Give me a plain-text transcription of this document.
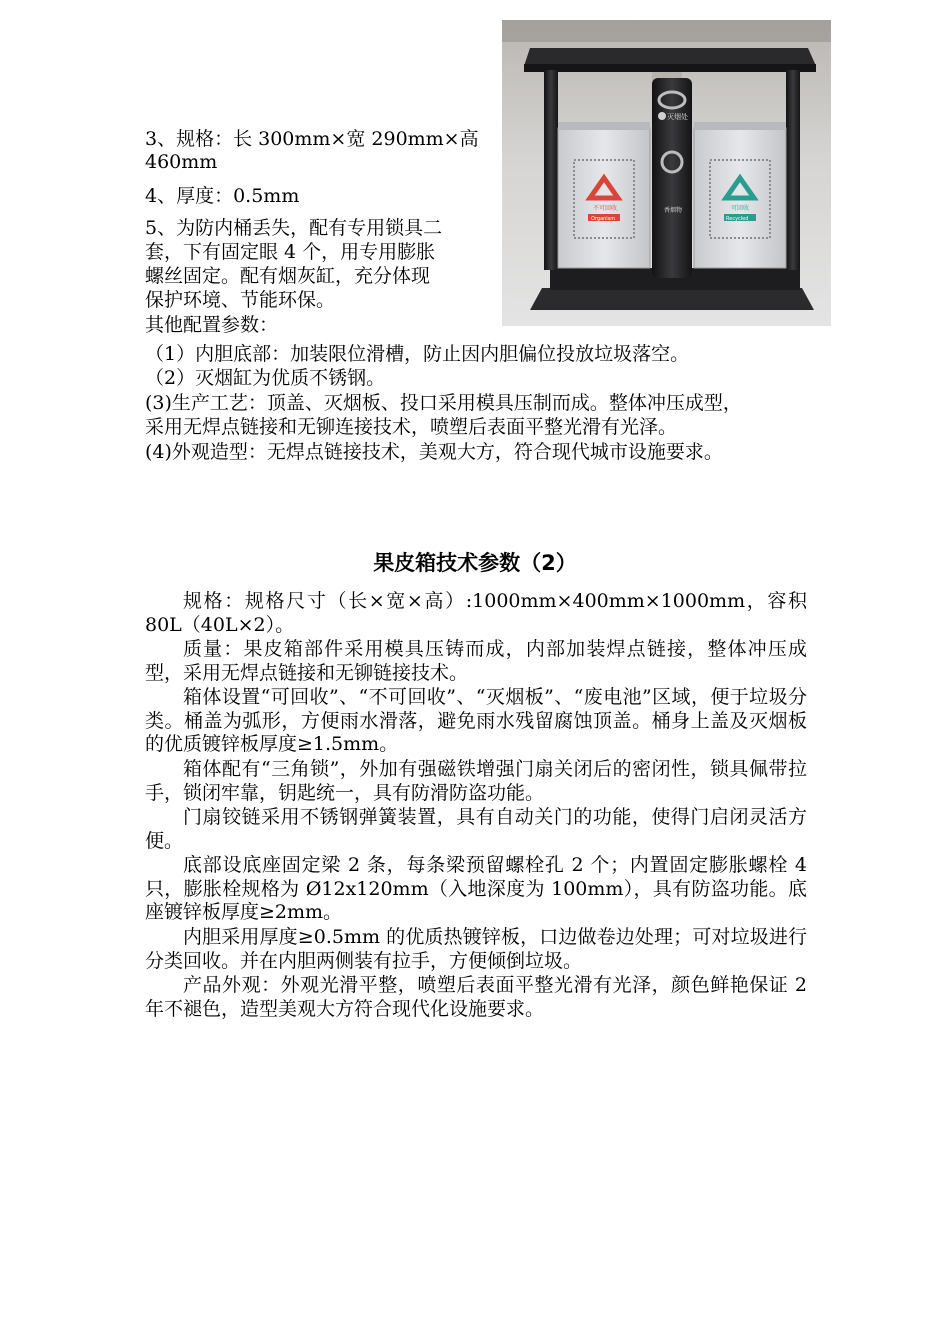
灭烟处
香烟物
不可回收
Organism
可回收
Recycled
3、规格：长 300mm×宽 290mm×高
460mm
4、厚度：0.5mm
5、为防内桶丢失，配有专用锁具二
套，下有固定眼 4 个，用专用膨胀
螺丝固定。配有烟灰缸，充分体现
保护环境、节能环保。
其他配置参数：
（1）内胆底部：加装限位滑槽，防止因内胆偏位投放垃圾落空。
（2）灭烟缸为优质不锈钢。
(3)生产工艺：顶盖、灭烟板、投口采用模具压制而成。整体冲压成型，
采用无焊点链接和无铆连接技术，喷塑后表面平整光滑有光泽。
(4)外观造型：无焊点链接技术，美观大方，符合现代城市设施要求。
果皮箱技术参数（2）
规格：规格尺寸（长×宽×高）:1000mm×400mm×1000mm，容积 80L（40L×2）。
质量：果皮箱部件采用模具压铸而成，内部加装焊点链接，整体冲压成型，采用无焊点链接和无铆链接技术。
箱体设置“可回收”、“不可回收”、“灭烟板”、“废电池”区域，便于垃圾分类。桶盖为弧形，方便雨水滑落，避免雨水残留腐蚀顶盖。桶身上盖及灭烟板的优质镀锌板厚度≥1.5mm。
箱体配有“三角锁”，外加有强磁铁增强门扇关闭后的密闭性，锁具佩带拉手，锁闭牢靠，钥匙统一，具有防滑防盗功能。
门扇铰链采用不锈钢弹簧装置，具有自动关门的功能，使得门启闭灵活方便。
底部设底座固定梁 2 条，每条梁预留螺栓孔 2 个；内置固定膨胀螺栓 4 只，膨胀栓规格为 Ø12x120mm（入地深度为 100mm），具有防盗功能。底座镀锌板厚度≥2mm。
内胆采用厚度≥0.5mm 的优质热镀锌板，口边做卷边处理；可对垃圾进行分类回收。并在内胆两侧装有拉手，方便倾倒垃圾。
产品外观：外观光滑平整，喷塑后表面平整光滑有光泽，颜色鲜艳保证 2 年不褪色，造型美观大方符合现代化设施要求。
